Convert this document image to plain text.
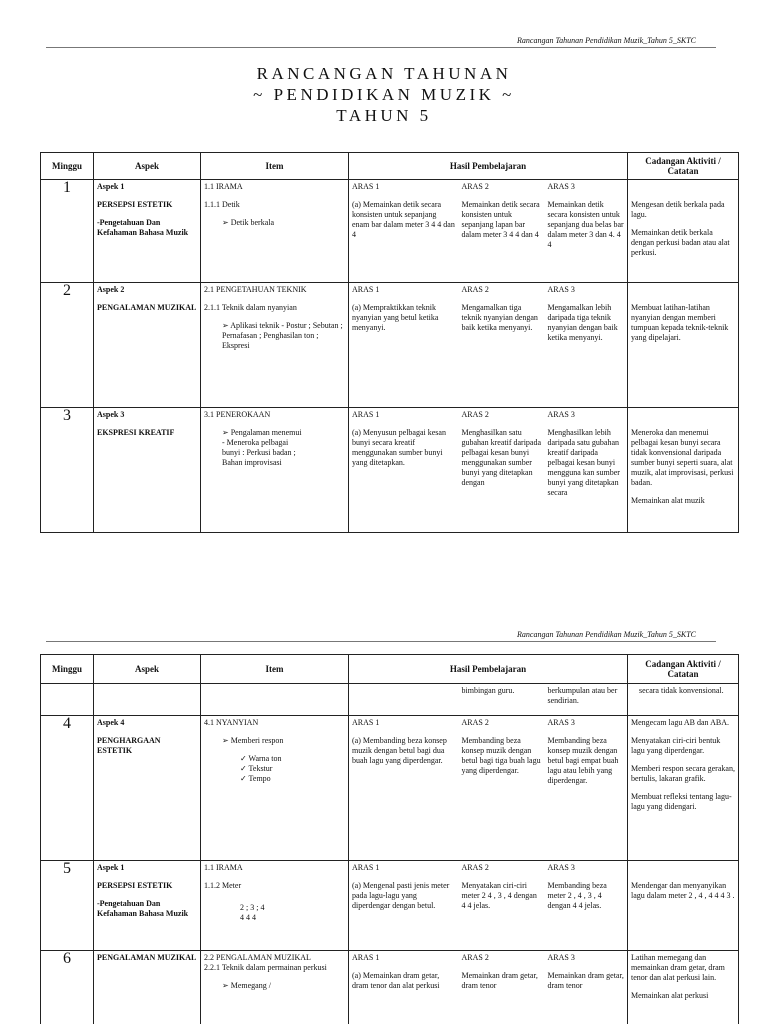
Rancangan Tahunan Pendidikan Muzik_Tahun 5_SKTC
RANCANGAN TAHUNAN
~ PENDIDIKAN MUZIK ~
TAHUN 5
Minggu	Aspek	Item	Hasil Pembelajaran			Cadangan Aktiviti / Catatan
1	Aspek 1
PERSEPSI ESTETIK
-Pengetahuan Dan Kefahaman Bahasa Muzik	1.1 IRAMA
1.1.1 Detik
➢ Detik berkala	ARAS 1
(a) Memainkan detik secara konsisten untuk sepanjang enam bar dalam meter 3 4 4 dan 4	ARAS 2
Memainkan detik secara konsisten untuk sepanjang lapan bar dalam meter 3 4 4 dan 4	ARAS 3
Memainkan detik secara konsisten untuk sepanjang dua belas bar dalam meter 3 dan 4. 4 4	Mengesan detik berkala pada lagu.
Memainkan detik berkala dengan perkusi badan atau alat perkusi.
2	Aspek 2
PENGALAMAN MUZIKAL	2.1 PENGETAHUAN TEKNIK
2.1.1 Teknik dalam nyanyian
➢ Aplikasi teknik - Postur ; Sebutan ; Pernafasan ; Penghasilan ton ; Ekspresi	ARAS 1
(a) Mempraktikkan teknik nyanyian yang betul ketika menyanyi.	ARAS 2
Mengamalkan tiga teknik nyanyian dengan baik ketika menyanyi.	ARAS 3
Mengamalkan lebih daripada tiga teknik nyanyian dengan baik ketika menyanyi.	Membuat latihan-latihan nyanyian dengan memberi tumpuan kepada teknik-teknik yang dipelajari.

3	Aspek 3
EKSPRESI KREATIF	3.1 PENEROKAAN
➢ Pengalaman menemui - Meneroka pelbagai bunyi : Perkusi badan ; Bahan improvisasi	ARAS 1
(a) Menyusun pelbagai kesan bunyi secara kreatif menggunakan sumber bunyi yang ditetapkan.	ARAS 2
Menghasilkan satu gubahan kreatif daripada pelbagai kesan bunyi menggunakan sumber bunyi yang ditetapkan dengan	ARAS 3
Menghasilkan lebih daripada satu gubahan kreatif daripada pelbagai kesan bunyi mengguna kan sumber bunyi yang ditetapkan secara	Meneroka dan menemui pelbagai kesan bunyi secara tidak konvensional daripada sumber bunyi seperti suara, alat muzik, alat improvisasi, perkusi badan.
Memainkan alat muzik
Rancangan Tahunan Pendidikan Muzik_Tahun 5_SKTC
Minggu	Aspek	Item	Hasil Pembelajaran			Cadangan Aktiviti / Catatan
				bimbingan guru.	berkumpulan atau ber sendirian.	secara tidak konvensional.

4	Aspek 4
PENGHARGAAN ESTETIK	4.1 NYANYIAN
➢ Memberi respon
✓ Warna ton
✓ Tekstur
✓ Tempo	ARAS 1
(a) Membanding beza konsep muzik dengan betul bagi dua buah lagu yang diperdengar.	ARAS 2
Membanding beza konsep muzik dengan betul bagi tiga buah lagu yang diperdengar.	ARAS 3
Membanding beza konsep muzik dengan betul bagi empat buah lagu atau lebih yang diperdengar.	Mengecam lagu AB dan ABA.
Menyatakan ciri-ciri bentuk lagu yang diperdengar.
Memberi respon secara gerakan, bertulis, lakaran grafik.
Membuat refleksi tentang lagu-lagu yang didengari.
5	Aspek 1
PERSEPSI ESTETIK
-Pengetahuan Dan Kefahaman Bahasa Muzik	1.1 IRAMA
1.1.2 Meter
2 ; 3 ; 4
4 4 4	ARAS 1
(a) Mengenal pasti jenis meter pada lagu-lagu yang diperdengar dengan betul.	ARAS 2
Menyatakan ciri-ciri meter 2 4 , 3 , 4 dengan 4 4 jelas.	ARAS 3
Membanding beza meter 2 , 4 , 3 , 4 dengan 4 4 jelas.	Mendengar dan menyanyikan lagu dalam meter 2 , 4 , 4 4 4 3 .

6	PENGALAMAN MUZIKAL	2.2 PENGALAMAN MUZIKAL
2.2.1 Teknik dalam permainan perkusi
➢ Memegang /	ARAS 1
(a) Memainkan dram getar, dram tenor dan alat perkusi	ARAS 2
Memainkan dram getar, dram tenor	ARAS 3
Memainkan dram getar, dram tenor	Latihan memegang dan memainkan dram getar, dram tenor dan alat perkusi lain.
Memainkan alat perkusi
